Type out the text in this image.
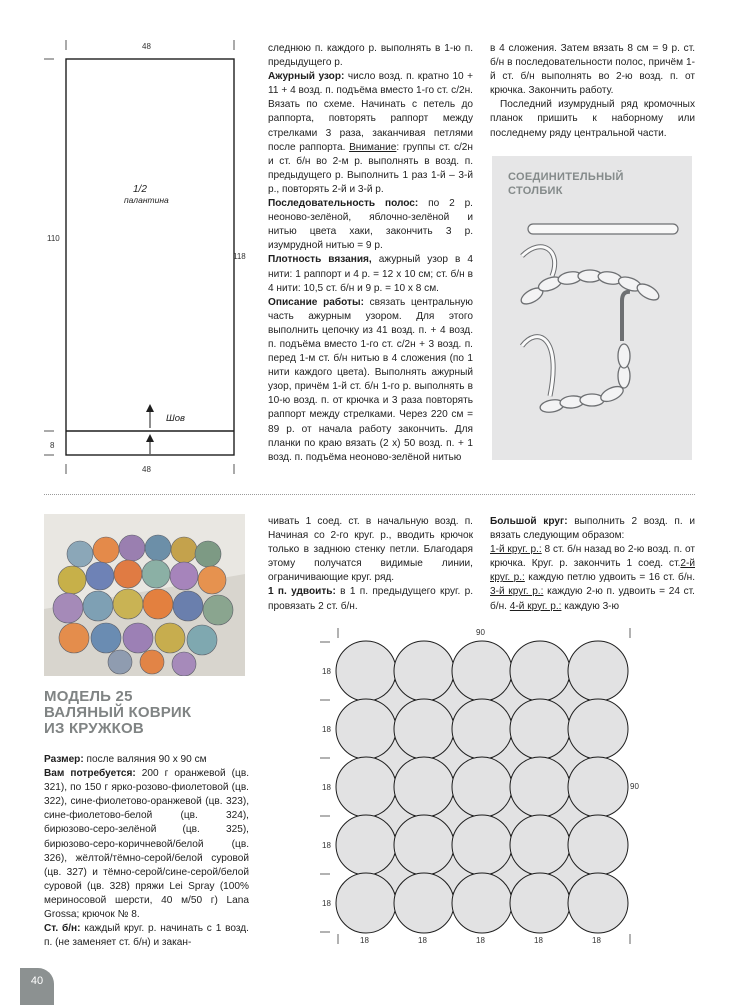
48
48
110
118
8
1/2
палантина
Шов

следнюю п. каждого р. выполнять в 1-ю п. предыдущего р.

Ажурный узор: число возд. п. кратно 10 + 11 + 4 возд. п. подъёма вместо 1-го ст. с/2н. Вязать по схеме. Начинать с петель до раппорта, повторять раппорт между стрелками 3 раза, заканчивая петлями после раппорта. Внимание: группы ст. с/2н и ст. б/н во 2-м р. выполнять в возд. п. предыдущего р. Выполнить 1 раз 1-й – 3-й р., повторять 2-й и 3-й р.

Последовательность полос: по 2 р. неоново-зелёной, яблочно-зелёной и нитью цвета хаки, закончить 3 р. изумрудной нитью = 9 р.

Плотность вязания, ажурный узор в 4 нити: 1 раппорт и 4 р. = 12 x 10 см; ст. б/н в 4 нити: 10,5 ст. б/н и 9 р. = 10 x 8 см.

Описание работы: связать центральную часть ажурным узором. Для этого выполнить цепочку из 41 возд. п. + 4 возд. п. подъёма вместо 1-го ст. с/2н + 3 возд. п. перед 1-м ст. б/н нитью в 4 сложения (по 1 нити каждого цвета). Выполнять ажурный узор, причём 1-й ст. б/н 1-го р. выполнять в 10-ю возд. п. от крючка и 3 раза повторять раппорт между стрелками. Через 220 см = 89 р. от начала работу закончить. Для планки по краю вязать (2 x) 50 возд. п. + 1 возд. п. подъёма неоново-зелёной нитью

в 4 сложения. Затем вязать 8 см = 9 р. ст. б/н в последовательности полос, причём 1-й ст. б/н выполнять во 2-ю возд. п. от крючка. Закончить работу.

Последний изумрудный ряд кромочных планок пришить к наборному или последнему ряду центральной части.

СОЕДИНИТЕЛЬНЫЙ
СТОЛБИК
МОДЕЛЬ 25
ВАЛЯНЫЙ КОВРИК
ИЗ КРУЖКОВ

Размер: после валяния 90 x 90 см

Вам потребуется: 200 г оранжевой (цв. 321), по 150 г ярко-розово-фиолетовой (цв. 322), сине-фиолетово-оранжевой (цв. 323), сине-фиолетово-белой (цв. 324), бирюзово-серо-зелёной (цв. 325), бирюзово-серо-коричневой/белой (цв. 326), жёлтой/тёмно-серой/белой суровой (цв. 327) и тёмно-серой/сине-серой/белой суровой (цв. 328) пряжи Lei Spray (100% мериносовой шерсти, 40 м/50 г) Lana Grossa; крючок № 8.

Ст. б/н: каждый круг. р. начинать с 1 возд. п. (не заменяет ст. б/н) и закан-

чивать 1 соед. ст. в начальную возд. п. Начиная со 2-го круг. р., вводить крючок только в заднюю стенку петли. Благодаря этому получатся видимые линии, ограничивающие круг. ряд.

1 п. удвоить: в 1 п. предыдущего круг. р. провязать 2 ст. б/н.

Большой круг: выполнить 2 возд. п. и вязать следующим образом:

1-й круг. р.: 8 ст. б/н назад во 2-ю возд. п. от крючка. Круг. р. закончить 1 соед. ст.2-й круг. р.: каждую петлю удвоить = 16 ст. б/н. 3-й круг. р.: каждую 2-ю п. удвоить = 24 ст. б/н. 4-й круг. р.: каждую 3-ю

90
90
18
18
18
18
18
18	18	18	18	18
40
